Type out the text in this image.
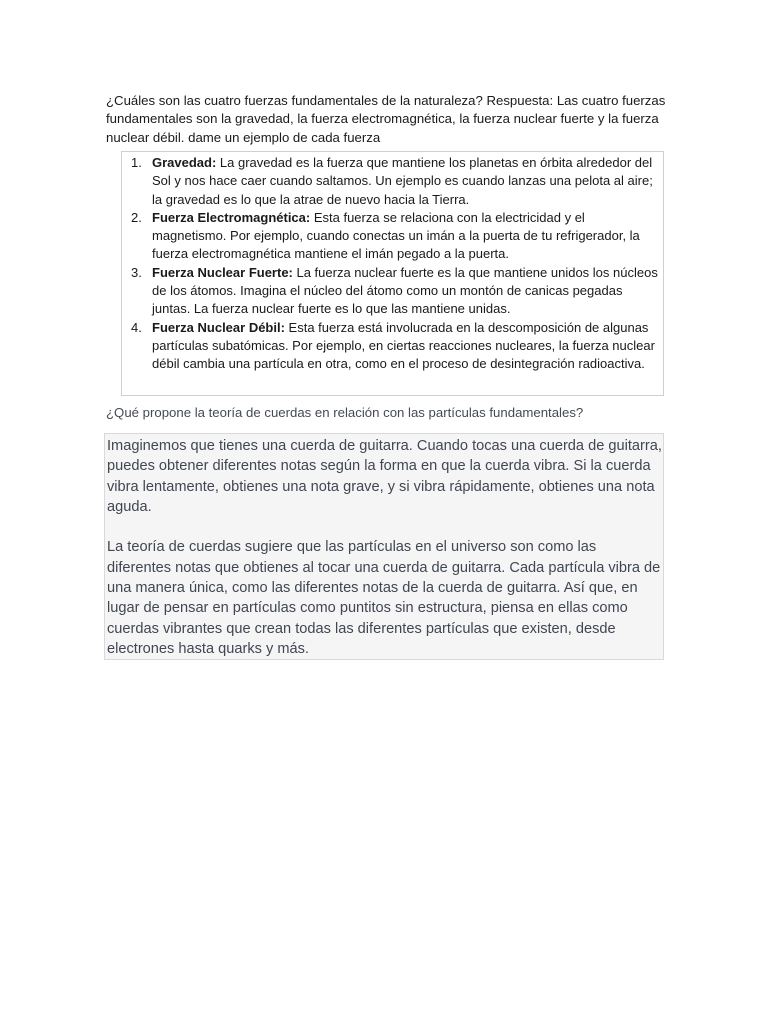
¿Cuáles son las cuatro fuerzas fundamentales de la naturaleza? Respuesta: Las cuatro fuerzas fundamentales son la gravedad, la fuerza electromagnética, la fuerza nuclear fuerte y la fuerza nuclear débil. dame un ejemplo de cada fuerza
1. Gravedad: La gravedad es la fuerza que mantiene los planetas en órbita alrededor del Sol y nos hace caer cuando saltamos. Un ejemplo es cuando lanzas una pelota al aire; la gravedad es lo que la atrae de nuevo hacia la Tierra.
2. Fuerza Electromagnética: Esta fuerza se relaciona con la electricidad y el magnetismo. Por ejemplo, cuando conectas un imán a la puerta de tu refrigerador, la fuerza electromagnética mantiene el imán pegado a la puerta.
3. Fuerza Nuclear Fuerte: La fuerza nuclear fuerte es la que mantiene unidos los núcleos de los átomos. Imagina el núcleo del átomo como un montón de canicas pegadas juntas. La fuerza nuclear fuerte es lo que las mantiene unidas.
4. Fuerza Nuclear Débil: Esta fuerza está involucrada en la descomposición de algunas partículas subatómicas. Por ejemplo, en ciertas reacciones nucleares, la fuerza nuclear débil cambia una partícula en otra, como en el proceso de desintegración radioactiva.
¿Qué propone la teoría de cuerdas en relación con las partículas fundamentales?

Imaginemos que tienes una cuerda de guitarra. Cuando tocas una cuerda de guitarra, puedes obtener diferentes notas según la forma en que la cuerda vibra. Si la cuerda vibra lentamente, obtienes una nota grave, y si vibra rápidamente, obtienes una nota aguda.

La teoría de cuerdas sugiere que las partículas en el universo son como las diferentes notas que obtienes al tocar una cuerda de guitarra. Cada partícula vibra de una manera única, como las diferentes notas de la cuerda de guitarra. Así que, en lugar de pensar en partículas como puntitos sin estructura, piensa en ellas como cuerdas vibrantes que crean todas las diferentes partículas que existen, desde electrones hasta quarks y más.
